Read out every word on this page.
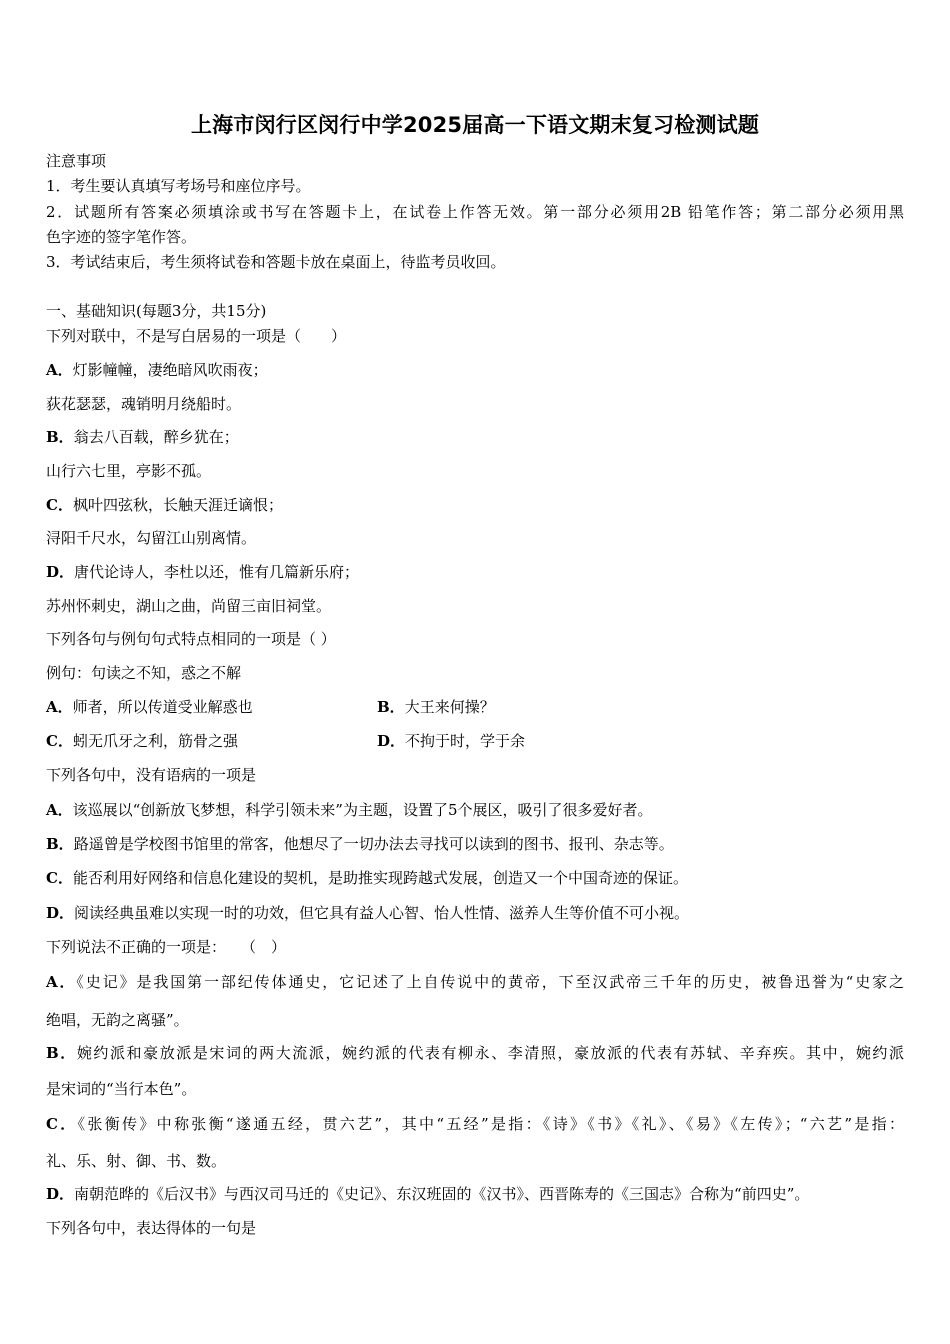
上海市闵行区闵行中学2025届高一下语文期末复习检测试题
注意事项
1．考生要认真填写考场号和座位序号。
2．试题所有答案必须填涂或书写在答题卡上，在试卷上作答无效。第一部分必须用2B 铅笔作答；第二部分必须用黑
色字迹的签字笔作答。
3．考试结束后，考生须将试卷和答题卡放在桌面上，待监考员收回。
一、基础知识(每题3分，共15分)
下列对联中，不是写白居易的一项是（　　）
A．灯影幢幢，凄绝暗风吹雨夜；
荻花瑟瑟，魂销明月绕船时。
B．翁去八百载，醉乡犹在；
山行六七里，亭影不孤。
C．枫叶四弦秋，长触天涯迁谪恨；
浔阳千尺水，勾留江山别离情。
D．唐代论诗人，李杜以还，惟有几篇新乐府；
苏州怀刺史，湖山之曲，尚留三亩旧祠堂。
下列各句与例句句式特点相同的一项是（ ）
例句：句读之不知，惑之不解
A．师者，所以传道受业解惑也	B．大王来何操？
C．蚓无爪牙之利，筋骨之强	D．不拘于时，学于余
下列各句中，没有语病的一项是
A．该巡展以“创新放飞梦想，科学引领未来”为主题，设置了5个展区，吸引了很多爱好者。
B．路遥曾是学校图书馆里的常客，他想尽了一切办法去寻找可以读到的图书、报刊、杂志等。
C．能否利用好网络和信息化建设的契机，是助推实现跨越式发展，创造又一个中国奇迹的保证。
D．阅读经典虽难以实现一时的功效，但它具有益人心智、怡人性情、滋养人生等价值不可小视。
下列说法不正确的一项是：　　（　）
A．《史记》是我国第一部纪传体通史，它记述了上自传说中的黄帝，下至汉武帝三千年的历史，被鲁迅誉为“史家之
绝唱，无韵之离骚”。
B．婉约派和豪放派是宋词的两大流派，婉约派的代表有柳永、李清照，豪放派的代表有苏轼、辛弃疾。其中，婉约派
是宋词的“当行本色”。
C．《张衡传》中称张衡“遂通五经，贯六艺”，其中“五经”是指：《诗》《书》《礼》、《易》《左传》；“六艺”是指：
礼、乐、射、御、书、数。
D．南朝范晔的《后汉书》与西汉司马迁的《史记》、东汉班固的《汉书》、西晋陈寿的《三国志》合称为“前四史”。
下列各句中，表达得体的一句是
